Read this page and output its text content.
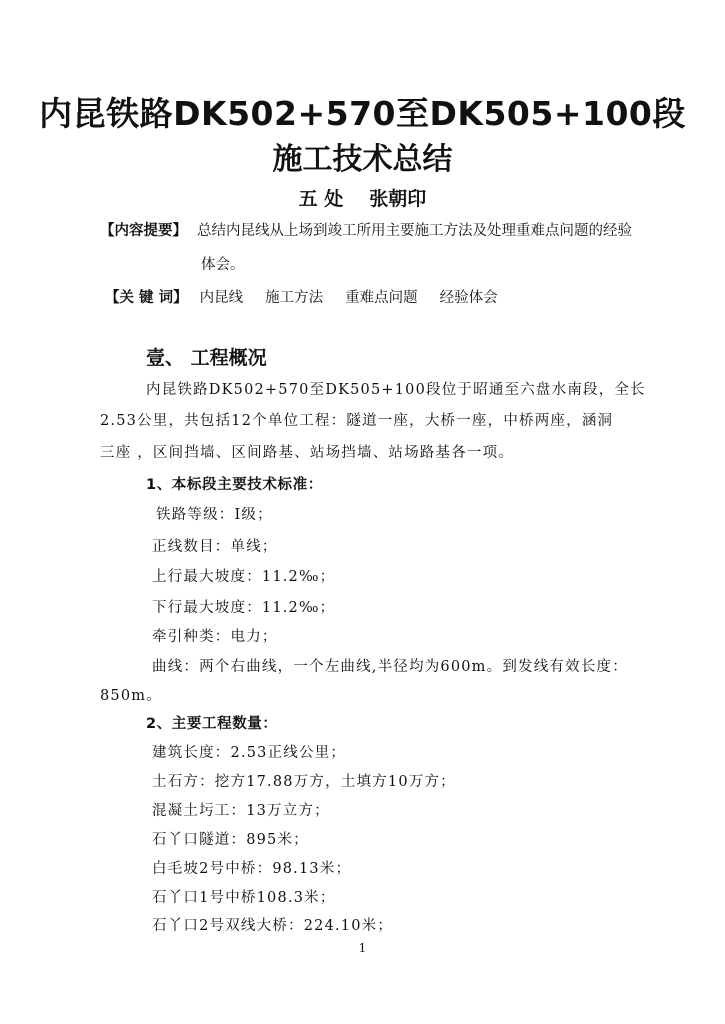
内昆铁路DK502+570至DK505+100段
施工技术总结
五 处 张朝印
【内容提要】 总结内昆线从上场到竣工所用主要施工方法及处理重难点问题的经验
体会。
【关 键 词】 内昆线 施工方法 重难点问题 经验体会
壹、 工程概况
内昆铁路DK502+570至DK505+100段位于昭通至六盘水南段，全长
2.53公里，共包括12个单位工程：隧道一座，大桥一座，中桥两座，涵洞
三座 ，区间挡墙、区间路基、站场挡墙、站场路基各一项。
1、本标段主要技术标准：
铁路等级：Ⅰ级；
正线数目：单线；
上行最大坡度：11.2‰；
下行最大坡度：11.2‰；
牵引种类：电力；
曲线：两个右曲线，一个左曲线,半径均为600m。到发线有效长度：
850m。
2、主要工程数量：
建筑长度：2.53正线公里；
土石方：挖方17.88万方，土填方10万方；
混凝土圬工：13万立方；
石丫口隧道：895米；
白毛坡2号中桥：98.13米；
石丫口1号中桥108.3米；
石丫口2号双线大桥：224.10米；
1
